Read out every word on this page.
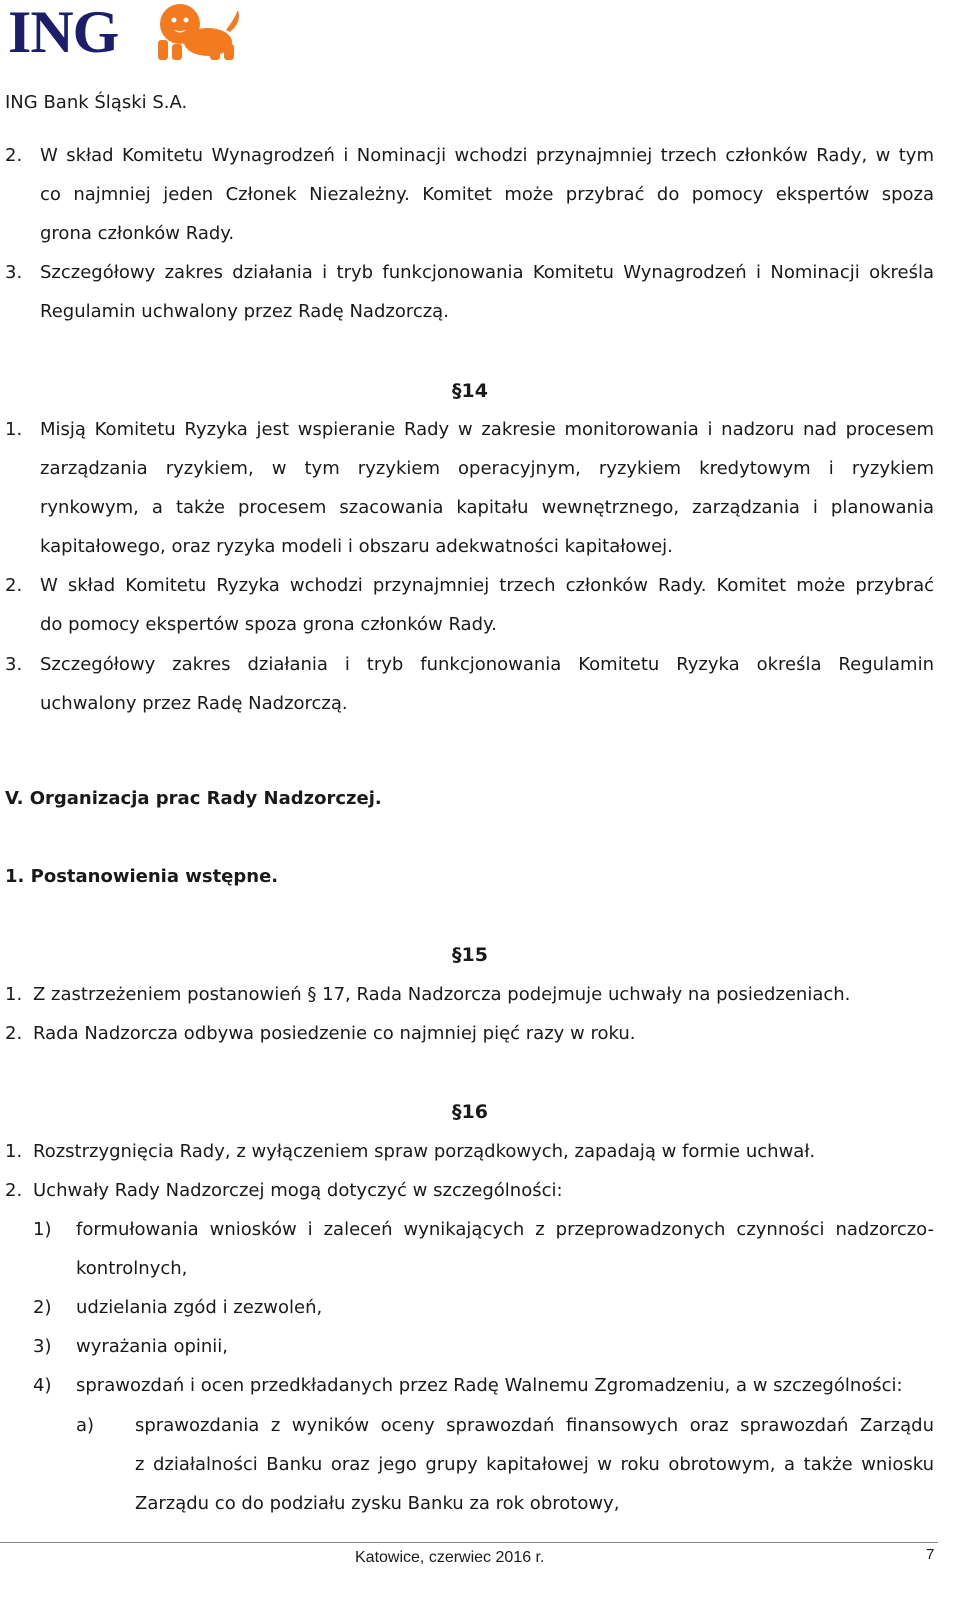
ING
ING Bank Śląski S.A.
2. W skład Komitetu Wynagrodzeń i Nominacji wchodzi przynajmniej trzech członków Rady, w tym
co najmniej jeden Członek Niezależny. Komitet może przybrać do pomocy ekspertów spoza
grona członków Rady.
3. Szczegółowy zakres działania i tryb funkcjonowania Komitetu Wynagrodzeń i Nominacji określa
Regulamin uchwalony przez Radę Nadzorczą.
§14
1. Misją Komitetu Ryzyka jest wspieranie Rady w zakresie monitorowania i nadzoru nad procesem
zarządzania ryzykiem, w tym ryzykiem operacyjnym, ryzykiem kredytowym i ryzykiem
rynkowym, a także procesem szacowania kapitału wewnętrznego, zarządzania i planowania
kapitałowego, oraz ryzyka modeli i obszaru adekwatności kapitałowej.
2. W skład Komitetu Ryzyka wchodzi przynajmniej trzech członków Rady. Komitet może przybrać
do pomocy ekspertów spoza grona członków Rady.
3. Szczegółowy zakres działania i tryb funkcjonowania Komitetu Ryzyka określa Regulamin
uchwalony przez Radę Nadzorczą.
V. Organizacja prac Rady Nadzorczej.
1. Postanowienia wstępne.
§15
1. Z zastrzeżeniem postanowień § 17, Rada Nadzorcza podejmuje uchwały na posiedzeniach.
2. Rada Nadzorcza odbywa posiedzenie co najmniej pięć razy w roku.
§16
1. Rozstrzygnięcia Rady, z wyłączeniem spraw porządkowych, zapadają w formie uchwał.
2. Uchwały Rady Nadzorczej mogą dotyczyć w szczególności:
1) formułowania wniosków i zaleceń wynikających z przeprowadzonych czynności nadzorczo-
kontrolnych,
2) udzielania zgód i zezwoleń,
3) wyrażania opinii,
4) sprawozdań i ocen przedkładanych przez Radę Walnemu Zgromadzeniu, a w szczególności:
a) sprawozdania z wyników oceny sprawozdań finansowych oraz sprawozdań Zarządu
z działalności Banku oraz jego grupy kapitałowej w roku obrotowym, a także wniosku
Zarządu co do podziału zysku Banku za rok obrotowy,
Katowice, czerwiec 2016 r.	7
